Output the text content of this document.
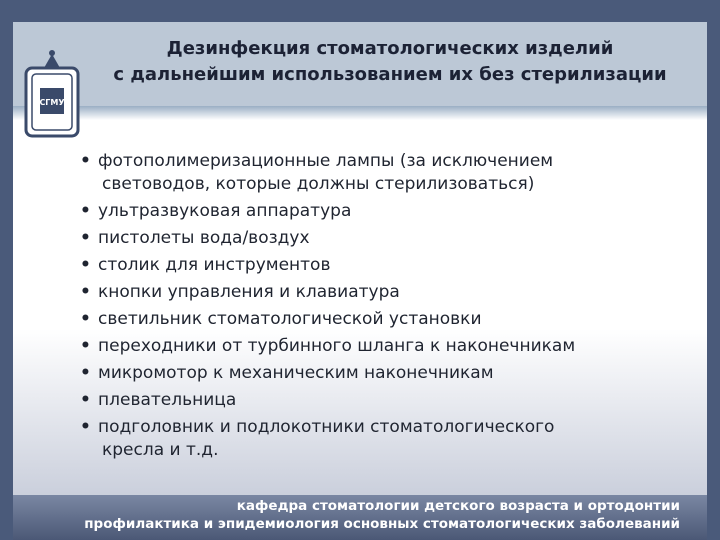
Дезинфекция стоматологических изделий
с дальнейшим использованием их без стерилизации
СГМУ
• фотополимеризационные лампы (за исключением
световодов, которые должны стерилизоваться)
• ультразвуковая аппаратура
• пистолеты вода/воздух
• столик для инструментов
• кнопки управления и клавиатура
• светильник стоматологической установки
• переходники от турбинного шланга к наконечникам
• микромотор к механическим наконечникам
• плевательница
• подголовник и подлокотники стоматологического
кресла и т.д.
кафедра стоматологии детского возраста и ортодонтии
профилактика и эпидемиология основных стоматологических заболеваний
